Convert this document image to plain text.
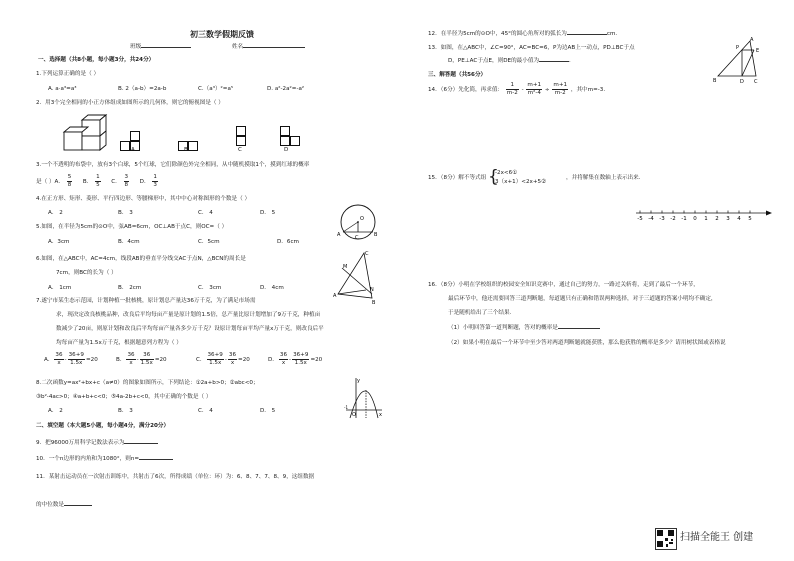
初三数学假期反馈
班级	姓名
一、选择题（共8小题，每小题3分，共24分）
1.下列运算正确的是（ ）
A. a·a³=a³	B. 2（a-b）=2a-b	C.（a³）²=a⁵	D. a²-2a²=-a²
2．用3个完全相同的小正方体组成如图所示的几何体，则它的俯视图是（ ）
A	B	C	D
3.一个不透明的布袋中，放有3个白球，5个红球，它们除颜色外完全相同，从中随机摸取1个，摸到红球的概率
是（ ）A． $\frac{5}{8}$ B． $\frac{1}{5}$ C． $\frac{3}{8}$ D． $\frac{1}{3}$
4.在正方形、矩形、菱形、平行四边形、等腰梯形中，其中中心对称图形的个数是（ ）
A． 2	B． 3	C． 4	D． 5
O
A	B
C
5.如图，在半径为5cm的⊙O中，弦AB=6cm，OC⊥AB于点C，则OC=（ ）
A．3cm	B．4cm	C．5cm	D．6cm
C
M
A
N
B
6.如图，在△ABC中，AC=4cm，线段AB的垂直平分线交AC于点N，△BCN的周长是
7cm，则BC的长为（ ）
A． 1cm	B． 2cm	C． 3cm	D． 4cm
7.遂宁市某生态示范园，计划种植一批核桃，原计划总产量达36万千克，为了满足市场需
求，现决定改良核桃品种，改良后平均每亩产量是原计划的1.5倍，总产量比原计划增加了9万千克，种植亩
数减少了20亩，则原计划和改良后平均每亩产量各多少万千克？设原计划每亩平均产量x万千克，则改良后平
均每亩产量为1.5x万千克，根据题意列方程为（ ）
A． $\frac{36}{x} - \frac{36+9}{1.5x} =20$	B． $\frac{36}{x} - \frac{36}{1.5x} =20$	C． $\frac{36+9}{1.5x} - \frac{36}{x} =20$	D． $\frac{36}{x} - \frac{36+9}{1.5x} =20$
y
x
O
-1
8.二次函数y=ax²+bx+c（a≠0）的图象如图所示，下列结论：①2a+b>0；②abc<0；
③b²-4ac>0；④a+b+c<0；⑤4a-2b+c<0，其中正确的个数是（ ）
A． 2	B． 3	C． 4	D． 5
二、填空题（本大题5小题，每小题4分，满分20分）
9．把96000万用科学记数法表示为
10．一个n边形的内角和为1080°，则n=
11．某射击运动员在一次射击训练中，共射击了6次，所得成绩（单位：环）为：6、8、7、7、8、9，这组数据
的中位数是
12．在半径为5cm的⊙O中，45°的圆心角所对的弧长为	cm．
13．如图，在△ABC中，∠C=90°，AC=BC=6，P为边AB上一动点，PD⊥BC于点
D，PE⊥AC于点E，则DE的最小值为	．
A
E
P
B	D C
三、解答题（共56分）
14．（6分）先化简，再求值： $\frac{1}{m-2} - \frac{m+1}{\text{m²-4}} \div \frac{m+1}{m-2}$ ，其中m=-3.
15．（8分）解不等式组 {
-2x<6①
3（x+1）<2x+5②
，并将解集在数轴上表示出来.
-5 -4 -3 -2 -1 0 1 2 3 4 5
16．（8分）小明在学校组织的校园安全知识竞赛中，通过自己的努力，一路过关斩将，走到了最后一个环节，
最后环节中，他还需要回答三道判断题，每道题只有正确和错误两种选择，对于三道题的答案小明均不确定，
于是随机给出了三个结果.
（1）小明回答第一道判断题，答对的概率是
（2）如果小明在最后一个环节中至少答对两道判断题就能获胜，那么他获胜的概率是多少？请用树状图或表格说
扫描全能王 创建
